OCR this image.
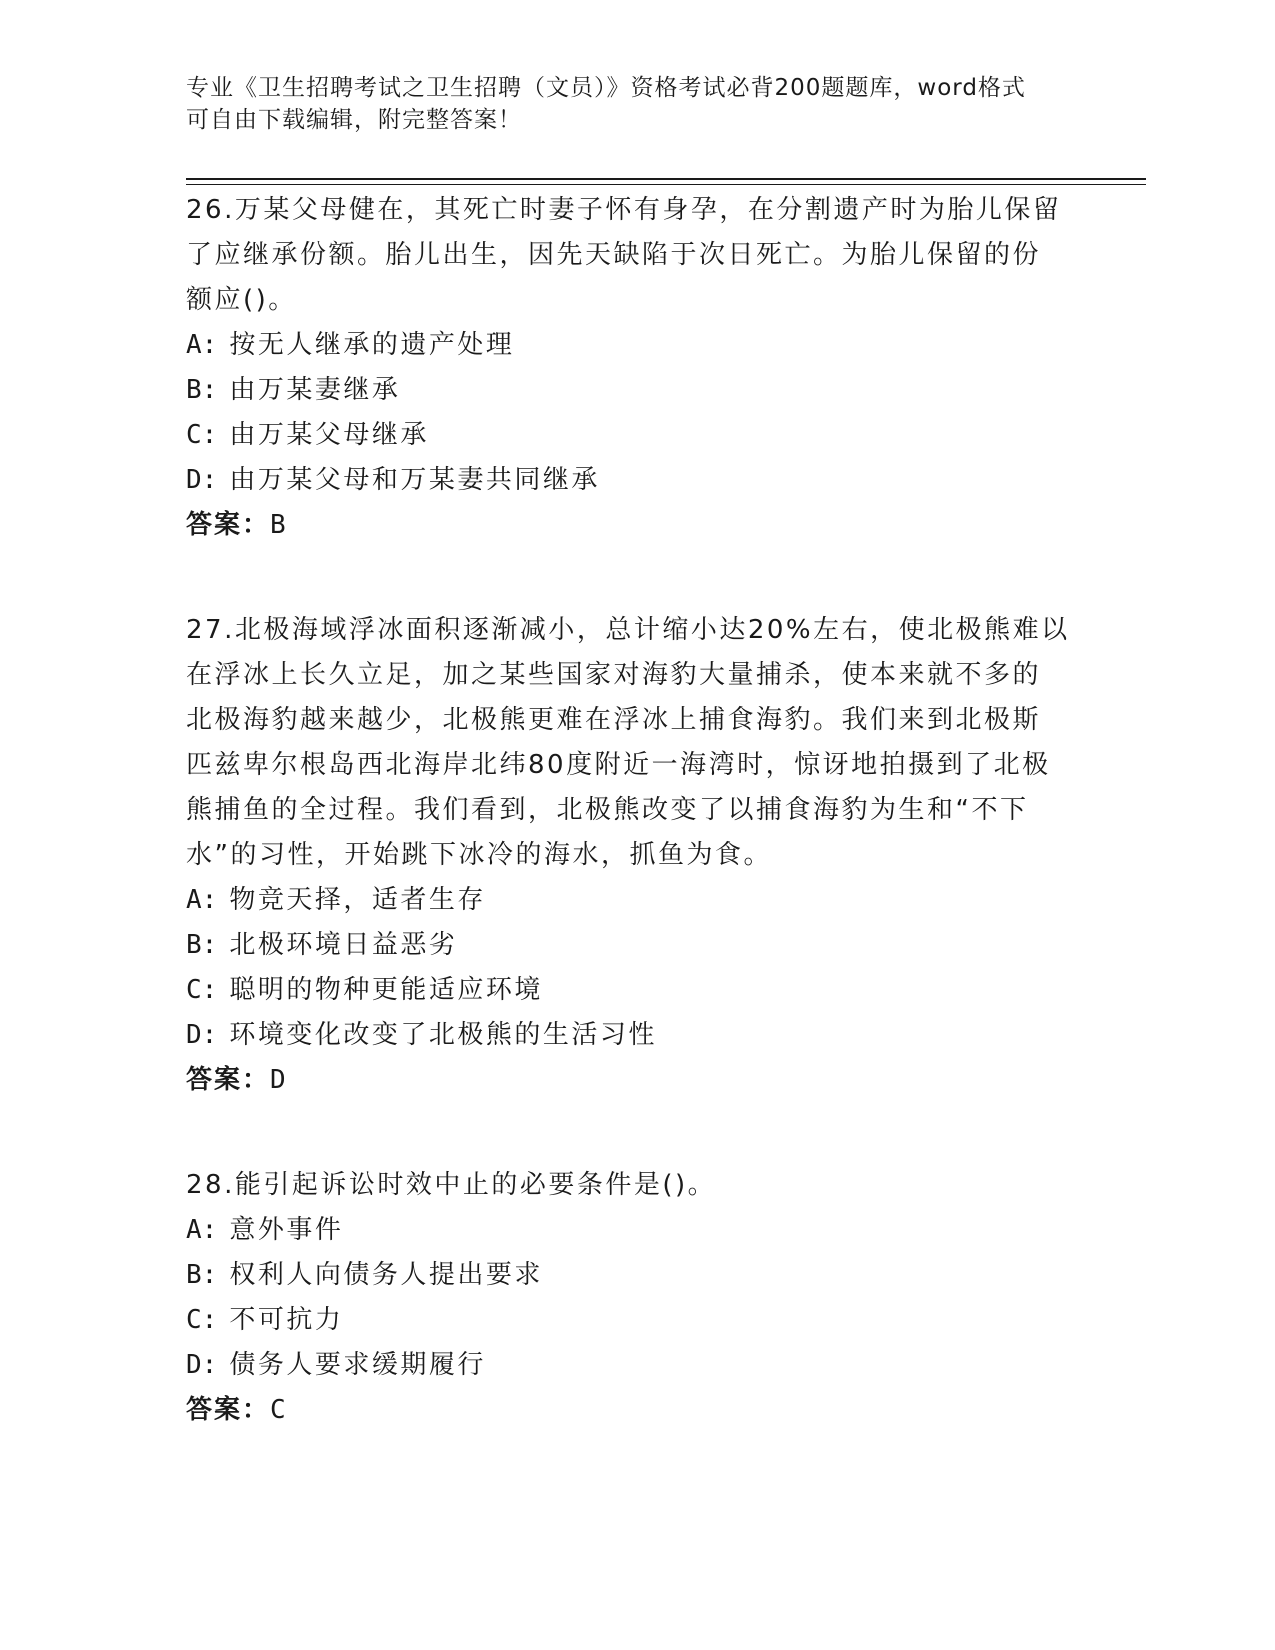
专业《卫生招聘考试之卫生招聘（文员）》资格考试必背200题题库，word格式
可自由下载编辑，附完整答案！

26.万某父母健在，其死亡时妻子怀有身孕，在分割遗产时为胎儿保留
了应继承份额。胎儿出生，因先天缺陷于次日死亡。为胎儿保留的份
额应()。

A: 按无人继承的遗产处理
B: 由万某妻继承
C: 由万某父母继承
D: 由万某父母和万某妻共同继承
答案：B

27.北极海域浮冰面积逐渐减小，总计缩小达20%左右，使北极熊难以
在浮冰上长久立足，加之某些国家对海豹大量捕杀，使本来就不多的
北极海豹越来越少，北极熊更难在浮冰上捕食海豹。我们来到北极斯
匹兹卑尔根岛西北海岸北纬80度附近一海湾时，惊讶地拍摄到了北极
熊捕鱼的全过程。我们看到，北极熊改变了以捕食海豹为生和“不下
水”的习性，开始跳下冰冷的海水，抓鱼为食。

A: 物竞天择，适者生存
B: 北极环境日益恶劣
C: 聪明的物种更能适应环境
D: 环境变化改变了北极熊的生活习性
答案：D

28.能引起诉讼时效中止的必要条件是()。

A: 意外事件
B: 权利人向债务人提出要求
C: 不可抗力
D: 债务人要求缓期履行
答案：C
